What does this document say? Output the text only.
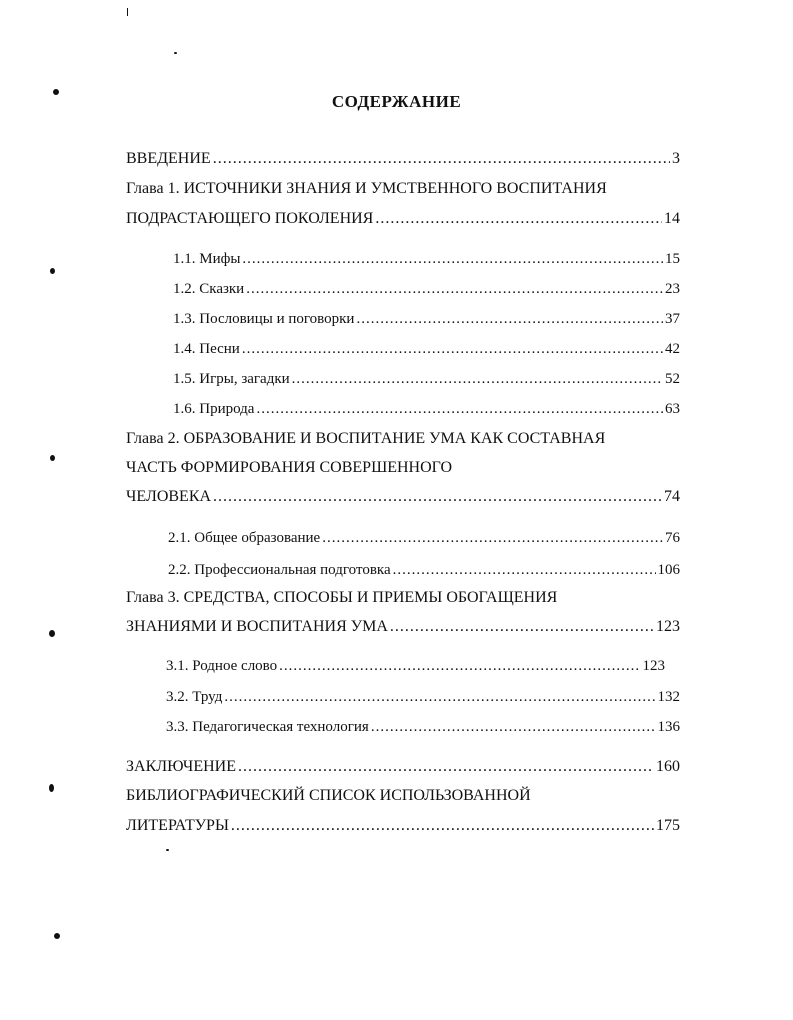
СОДЕРЖАНИЕ
ВВЕДЕНИЕ .....	3
Глава 1. ИСТОЧНИКИ ЗНАНИЯ И УМСТВЕННОГО ВОСПИТАНИЯ
ПОДРАСТАЮЩЕГО ПОКОЛЕНИЯ .....	14
1.1. Мифы .....	15
1.2. Сказки .....	23
1.3. Пословицы и поговорки .....	37
1.4. Песни .....	42
1.5. Игры, загадки .....	52
1.6. Природа .....	63
Глава 2. ОБРАЗОВАНИЕ И ВОСПИТАНИЕ УМА КАК СОСТАВНАЯ
ЧАСТЬ ФОРМИРОВАНИЯ СОВЕРШЕННОГО
ЧЕЛОВЕКА .....	74
2.1. Общее образование .....	76
2.2. Профессиональная подготовка .....	106
Глава 3. СРЕДСТВА, СПОСОБЫ И ПРИЕМЫ ОБОГАЩЕНИЯ
ЗНАНИЯМИ И ВОСПИТАНИЯ УМА .....	123
3.1. Родное слово .....	123
3.2. Труд .....	132
3.3. Педагогическая технология .....	136
ЗАКЛЮЧЕНИЕ .....	160
БИБЛИОГРАФИЧЕСКИЙ СПИСОК ИСПОЛЬЗОВАННОЙ
ЛИТЕРАТУРЫ .....	175
